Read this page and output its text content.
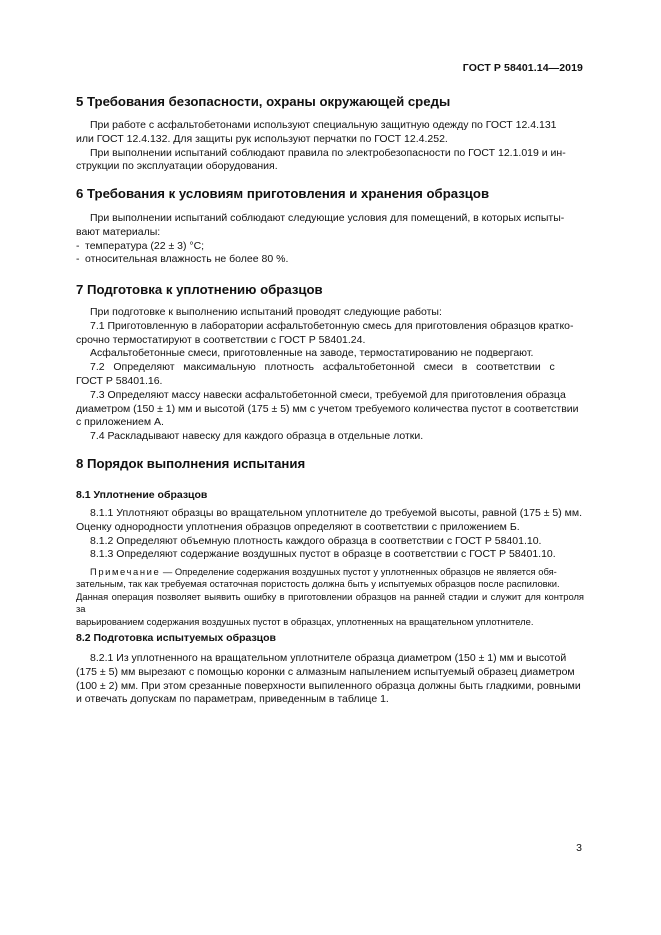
ГОСТ Р 58401.14—2019
5 Требования безопасности, охраны окружающей среды

При работе с асфальтобетонами используют специальную защитную одежду по ГОСТ 12.4.131

или ГОСТ 12.4.132. Для защиты рук используют перчатки по ГОСТ 12.4.252.

При выполнении испытаний соблюдают правила по электробезопасности по ГОСТ 12.1.019 и ин-

струкции по эксплуатации оборудования.

6 Требования к условиям приготовления и хранения образцов

При выполнении испытаний соблюдают следующие условия для помещений, в которых испыты-

вают материалы:

- температура (22 ± 3) °С;
- относительная влажность не более 80 %.
7 Подготовка к уплотнению образцов

При подготовке к выполнению испытаний проводят следующие работы:

7.1 Приготовленную в лаборатории асфальтобетонную смесь для приготовления образцов кратко-

срочно термостатируют в соответствии с ГОСТ Р 58401.24.

Асфальтобетонные смеси, приготовленные на заводе, термостатированию не подвергают.

7.2   Определяют   максимальную   плотность   асфальтобетонной   смеси   в   соответствии   с

ГОСТ Р 58401.16.

7.3 Определяют массу навески асфальтобетонной смеси, требуемой для приготовления образца

диаметром (150 ± 1) мм и высотой (175 ± 5) мм с учетом требуемого количества пустот в соответствии

с приложением А.

7.4 Раскладывают навеску для каждого образца в отдельные лотки.

8 Порядок выполнения испытания
8.1 Уплотнение образцов

8.1.1 Уплотняют образцы во вращательном уплотнителе до требуемой высоты, равной (175 ± 5) мм.

Оценку однородности уплотнения образцов определяют в соответствии с приложением Б.

8.1.2 Определяют объемную плотность каждого образца в соответствии с ГОСТ Р 58401.10.

8.1.3 Определяют содержание воздушных пустот в образце в соответствии с ГОСТ Р 58401.10.

Примечание — Определение содержания воздушных пустот у уплотненных образцов не является обя-

зательным, так как требуемая остаточная пористость должна быть у испытуемых образцов после распиловки.

Данная операция позволяет выявить ошибку в приготовлении образцов на ранней стадии и служит для контроля за

варьированием содержания воздушных пустот в образцах, уплотненных на вращательном уплотнителе.

8.2 Подготовка испытуемых образцов

8.2.1 Из уплотненного на вращательном уплотнителе образца диаметром (150 ± 1) мм и высотой

(175 ± 5) мм вырезают с помощью коронки с алмазным напылением испытуемый образец диаметром

(100 ± 2) мм. При этом срезанные поверхности выпиленного образца должны быть гладкими, ровными

и отвечать допускам по параметрам, приведенным в таблице 1.

3
